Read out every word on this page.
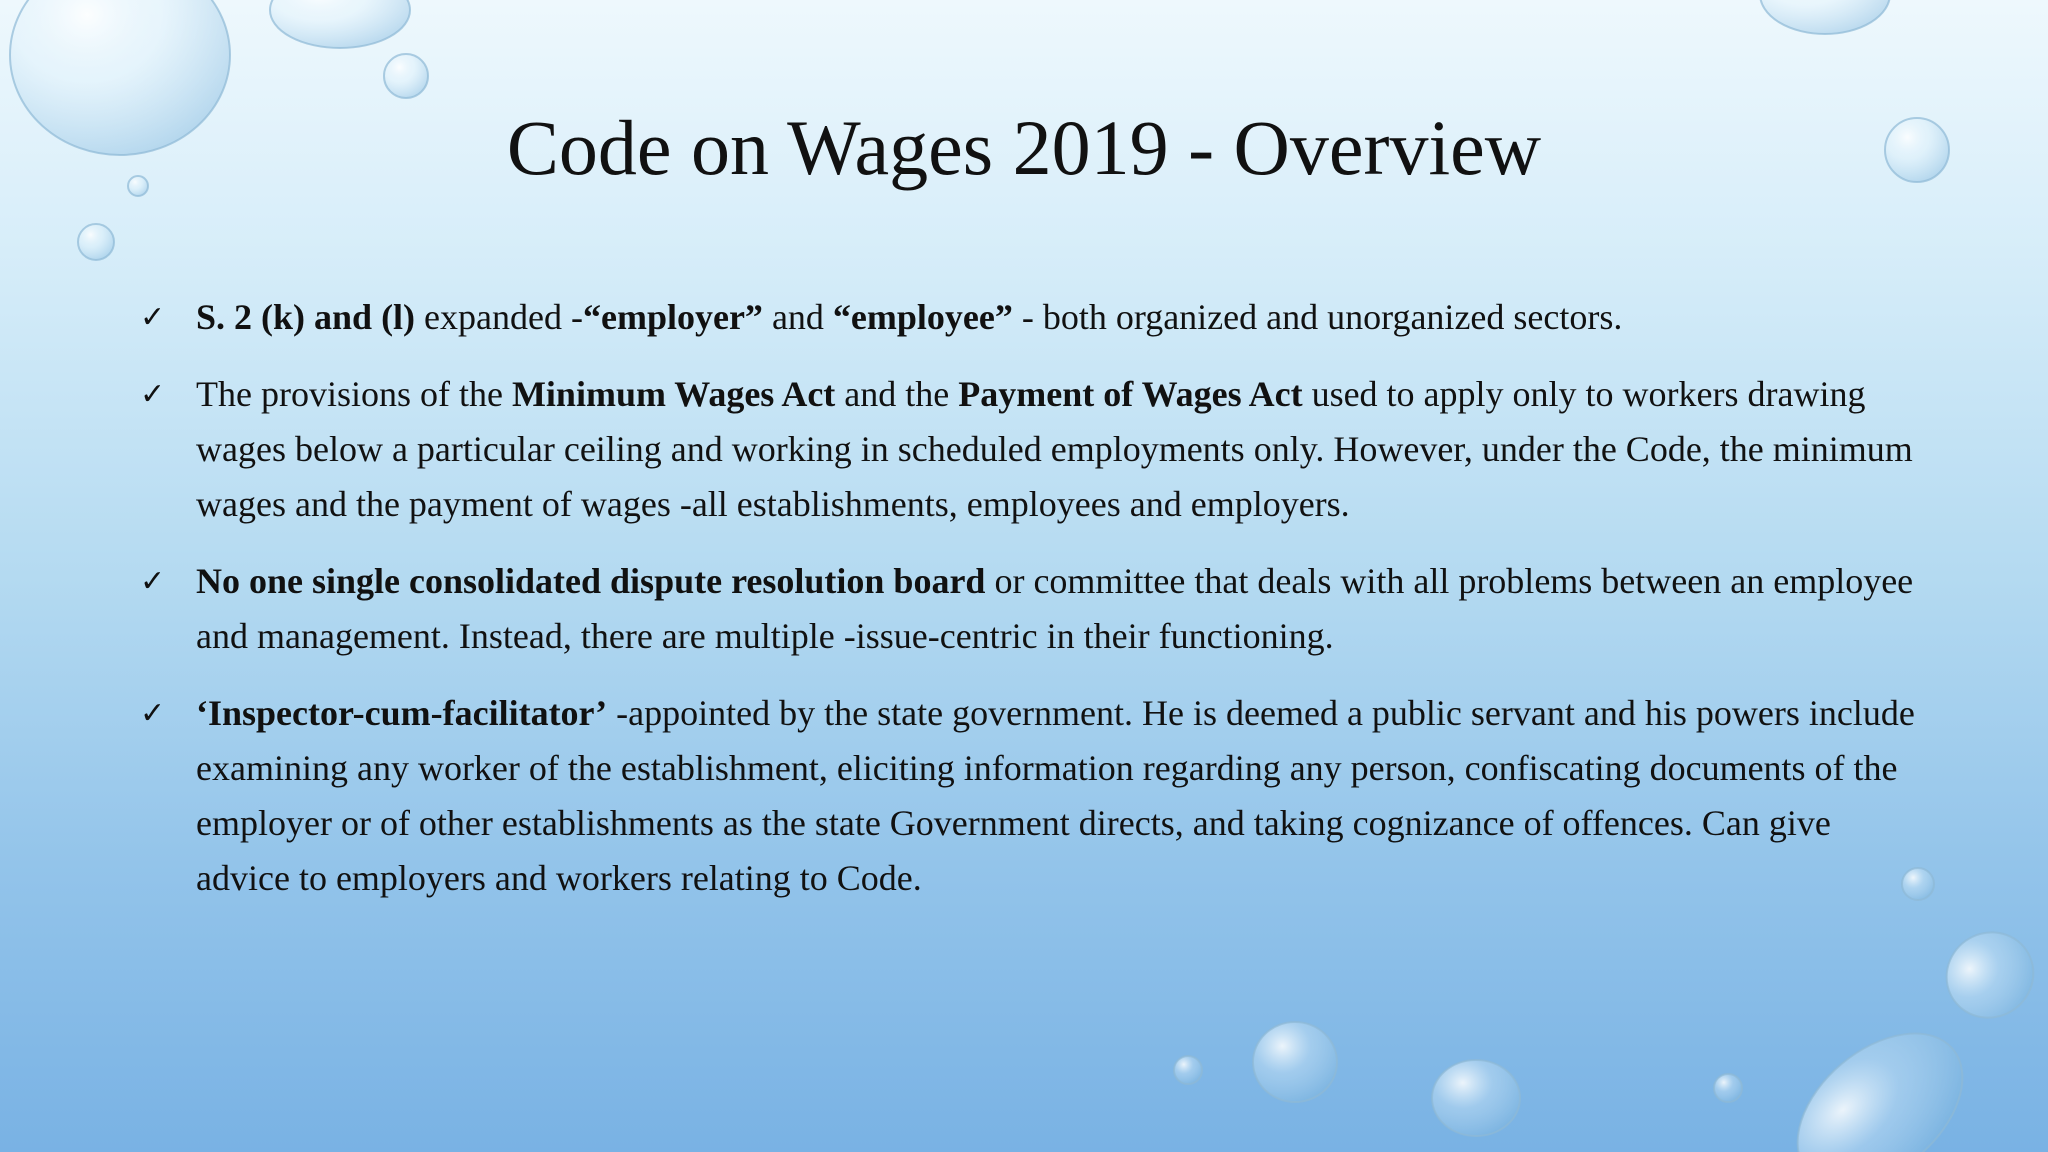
Code on Wages 2019 - Overview
✓ S. 2 (k) and (l) expanded -“employer” and “employee” - both organized and unorganized sectors.
✓ The provisions of the Minimum Wages Act and the Payment of Wages Act used to apply only to workers drawing wages below a particular ceiling and working in scheduled employments only. However, under the Code, the minimum wages and the payment of wages -all establishments, employees and employers.
✓ No one single consolidated dispute resolution board or committee that deals with all problems between an employee and management. Instead, there are multiple -issue-centric in their functioning.
✓ ‘Inspector-cum-facilitator’ -appointed by the state government. He is deemed a public servant and his powers include examining any worker of the establishment, eliciting information regarding any person, confiscating documents of the employer or of other establishments as the state Government directs, and taking cognizance of offences. Can give advice to employers and workers relating to Code.
